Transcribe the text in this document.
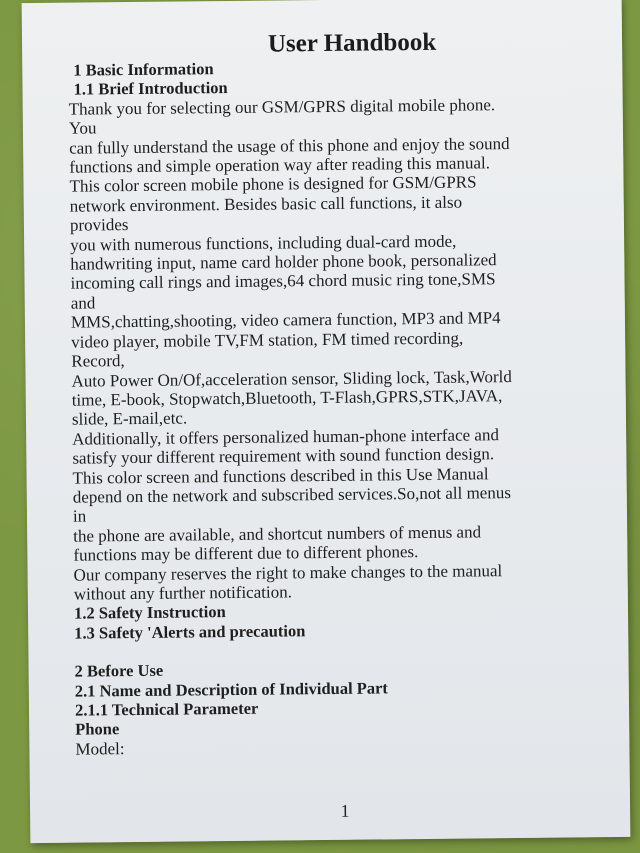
User Handbook

1 Basic Information

1.1 Brief Introduction

Thank you for selecting our GSM/GPRS digital mobile phone.

You

can fully understand the usage of this phone and enjoy the sound

functions and simple operation way after reading this manual.

This color screen mobile phone is designed for GSM/GPRS

network environment. Besides basic call functions, it also

provides

you with numerous functions, including dual-card mode,

handwriting input, name card holder phone book, personalized

incoming call rings and images,64 chord music ring tone,SMS

and

MMS,chatting,shooting, video camera function, MP3 and MP4

video player, mobile TV,FM station, FM timed recording,

Record,

Auto Power On/Of,acceleration sensor, Sliding lock, Task,World

time, E-book, Stopwatch,Bluetooth, T-Flash,GPRS,STK,JAVA,

slide, E-mail,etc.

Additionally, it offers personalized human-phone interface and

satisfy your different requirement with sound function design.

This color screen and functions described in this Use Manual

depend on the network and subscribed services.So,not all menus

in

the phone are available, and shortcut numbers of menus and

functions may be different due to different phones.

Our company reserves the right to make changes to the manual

without any further notification.

1.2 Safety Instruction

1.3 Safety 'Alerts and precaution

2 Before Use

2.1 Name and Description of Individual Part

2.1.1 Technical Parameter

Phone

Model:

1
